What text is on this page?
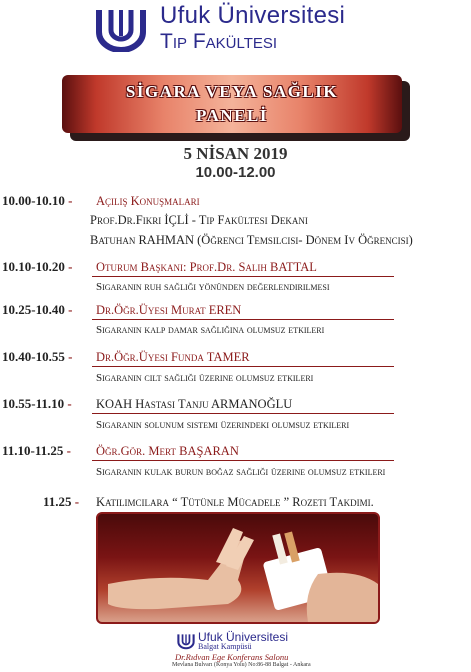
Ufuk Üniversitesi
Tıp Fakültesi
SİGARA VEYA SAĞLIK
PANELİ
5 NİSAN 2019
10.00-12.00
10.00-10.10 - Açılış Konuşmaları
Prof.Dr.Fikri İÇLİ - Tıp Fakültesi Dekanı
Batuhan RAHMAN (Öğrenci Temsilcisi- Dönem Iv Öğrencisi)
10.10-10.20 - Oturum Başkanı: Prof.Dr. Salih BATTAL
Sigaranın ruh sağlığı yönünden değerlendirilmesi
10.25-10.40 - Dr.Öğr.Üyesi Murat EREN
Sigaranın kalp damar sağlığına olumsuz etkileri
10.40-10.55 - Dr.Öğr.Üyesi Funda TAMER
Sigaranın cilt sağlığı üzerine olumsuz etkileri
10.55-11.10 - KOAH Hastası Tanju ARMANOĞLU
Sigaranın solunum sistemi üzerindeki olumsuz etkileri
11.10-11.25 - Öğr.Gör. Mert BAŞARAN
Sigaranın kulak burun boğaz sağlığı üzerine olumsuz etkileri
11.25 - Katılımcılara “ Tütünle Mücadele ” Rozeti Takdimi.
Ufuk Üniversitesi
Balgat Kampüsü
Dr.Rıdvan Ege Konferans Salonu
Mevlana Bulvarı (Konya Yolu) No:86-88 Balgat - Ankara
